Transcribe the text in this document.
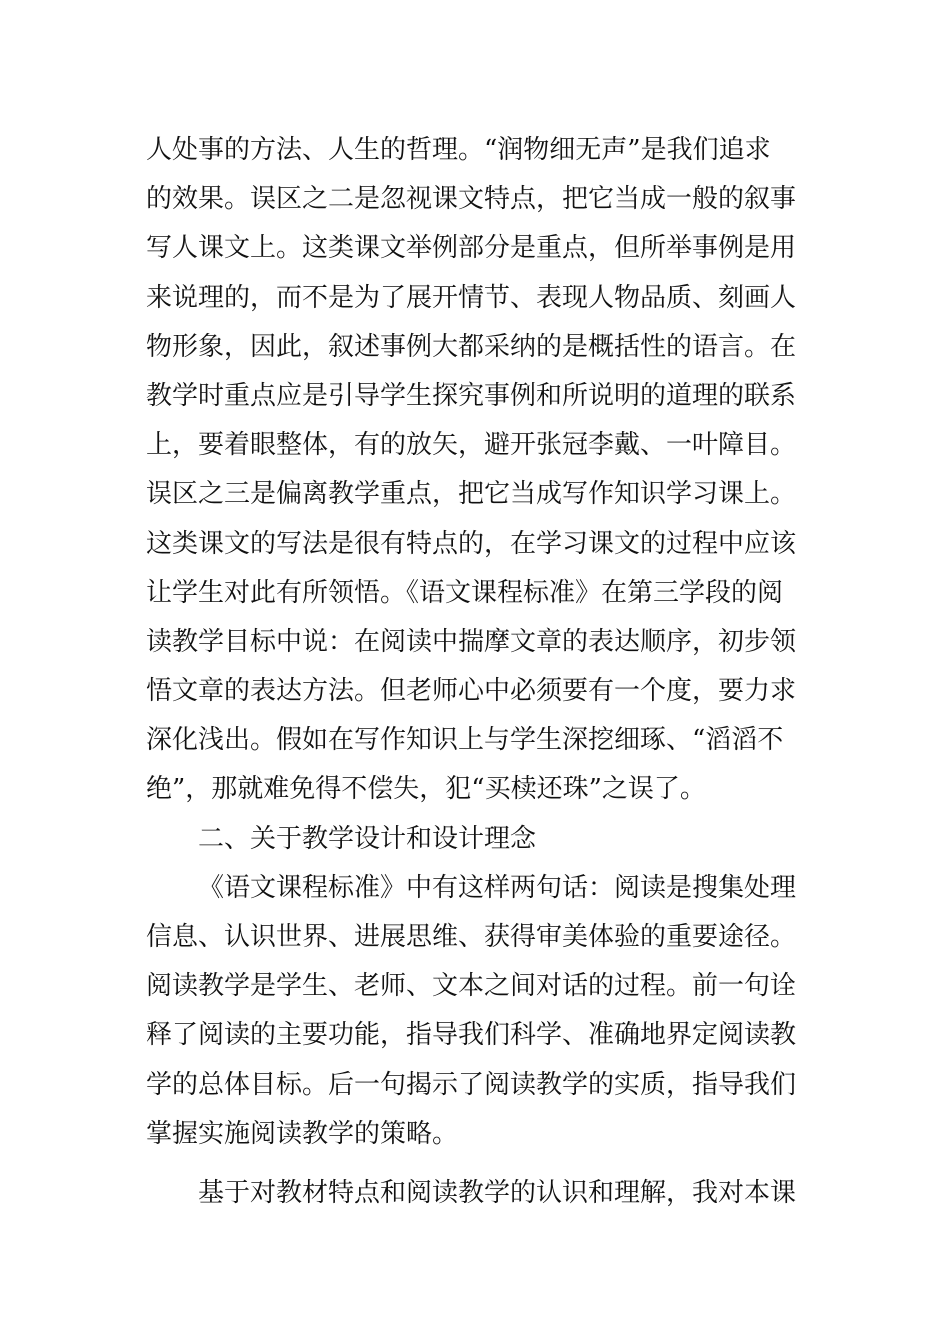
人处事的方法、人生的哲理。“润物细无声”是我们追求
的效果。误区之二是忽视课文特点，把它当成一般的叙事
写人课文上。这类课文举例部分是重点，但所举事例是用
来说理的，而不是为了展开情节、表现人物品质、刻画人
物形象，因此，叙述事例大都采纳的是概括性的语言。在
教学时重点应是引导学生探究事例和所说明的道理的联系
上，要着眼整体，有的放矢，避开张冠李戴、一叶障目。
误区之三是偏离教学重点，把它当成写作知识学习课上。
这类课文的写法是很有特点的，在学习课文的过程中应该
让学生对此有所领悟。《语文课程标准》在第三学段的阅
读教学目标中说：在阅读中揣摩文章的表达顺序，初步领
悟文章的表达方法。但老师心中必须要有一个度，要力求
深化浅出。假如在写作知识上与学生深挖细琢、“滔滔不
绝”，那就难免得不偿失，犯“买椟还珠”之误了。
二、关于教学设计和设计理念
《语文课程标准》中有这样两句话：阅读是搜集处理
信息、认识世界、进展思维、获得审美体验的重要途径。
阅读教学是学生、老师、文本之间对话的过程。前一句诠
释了阅读的主要功能，指导我们科学、准确地界定阅读教
学的总体目标。后一句揭示了阅读教学的实质，指导我们
掌握实施阅读教学的策略。
基于对教材特点和阅读教学的认识和理解，我对本课
